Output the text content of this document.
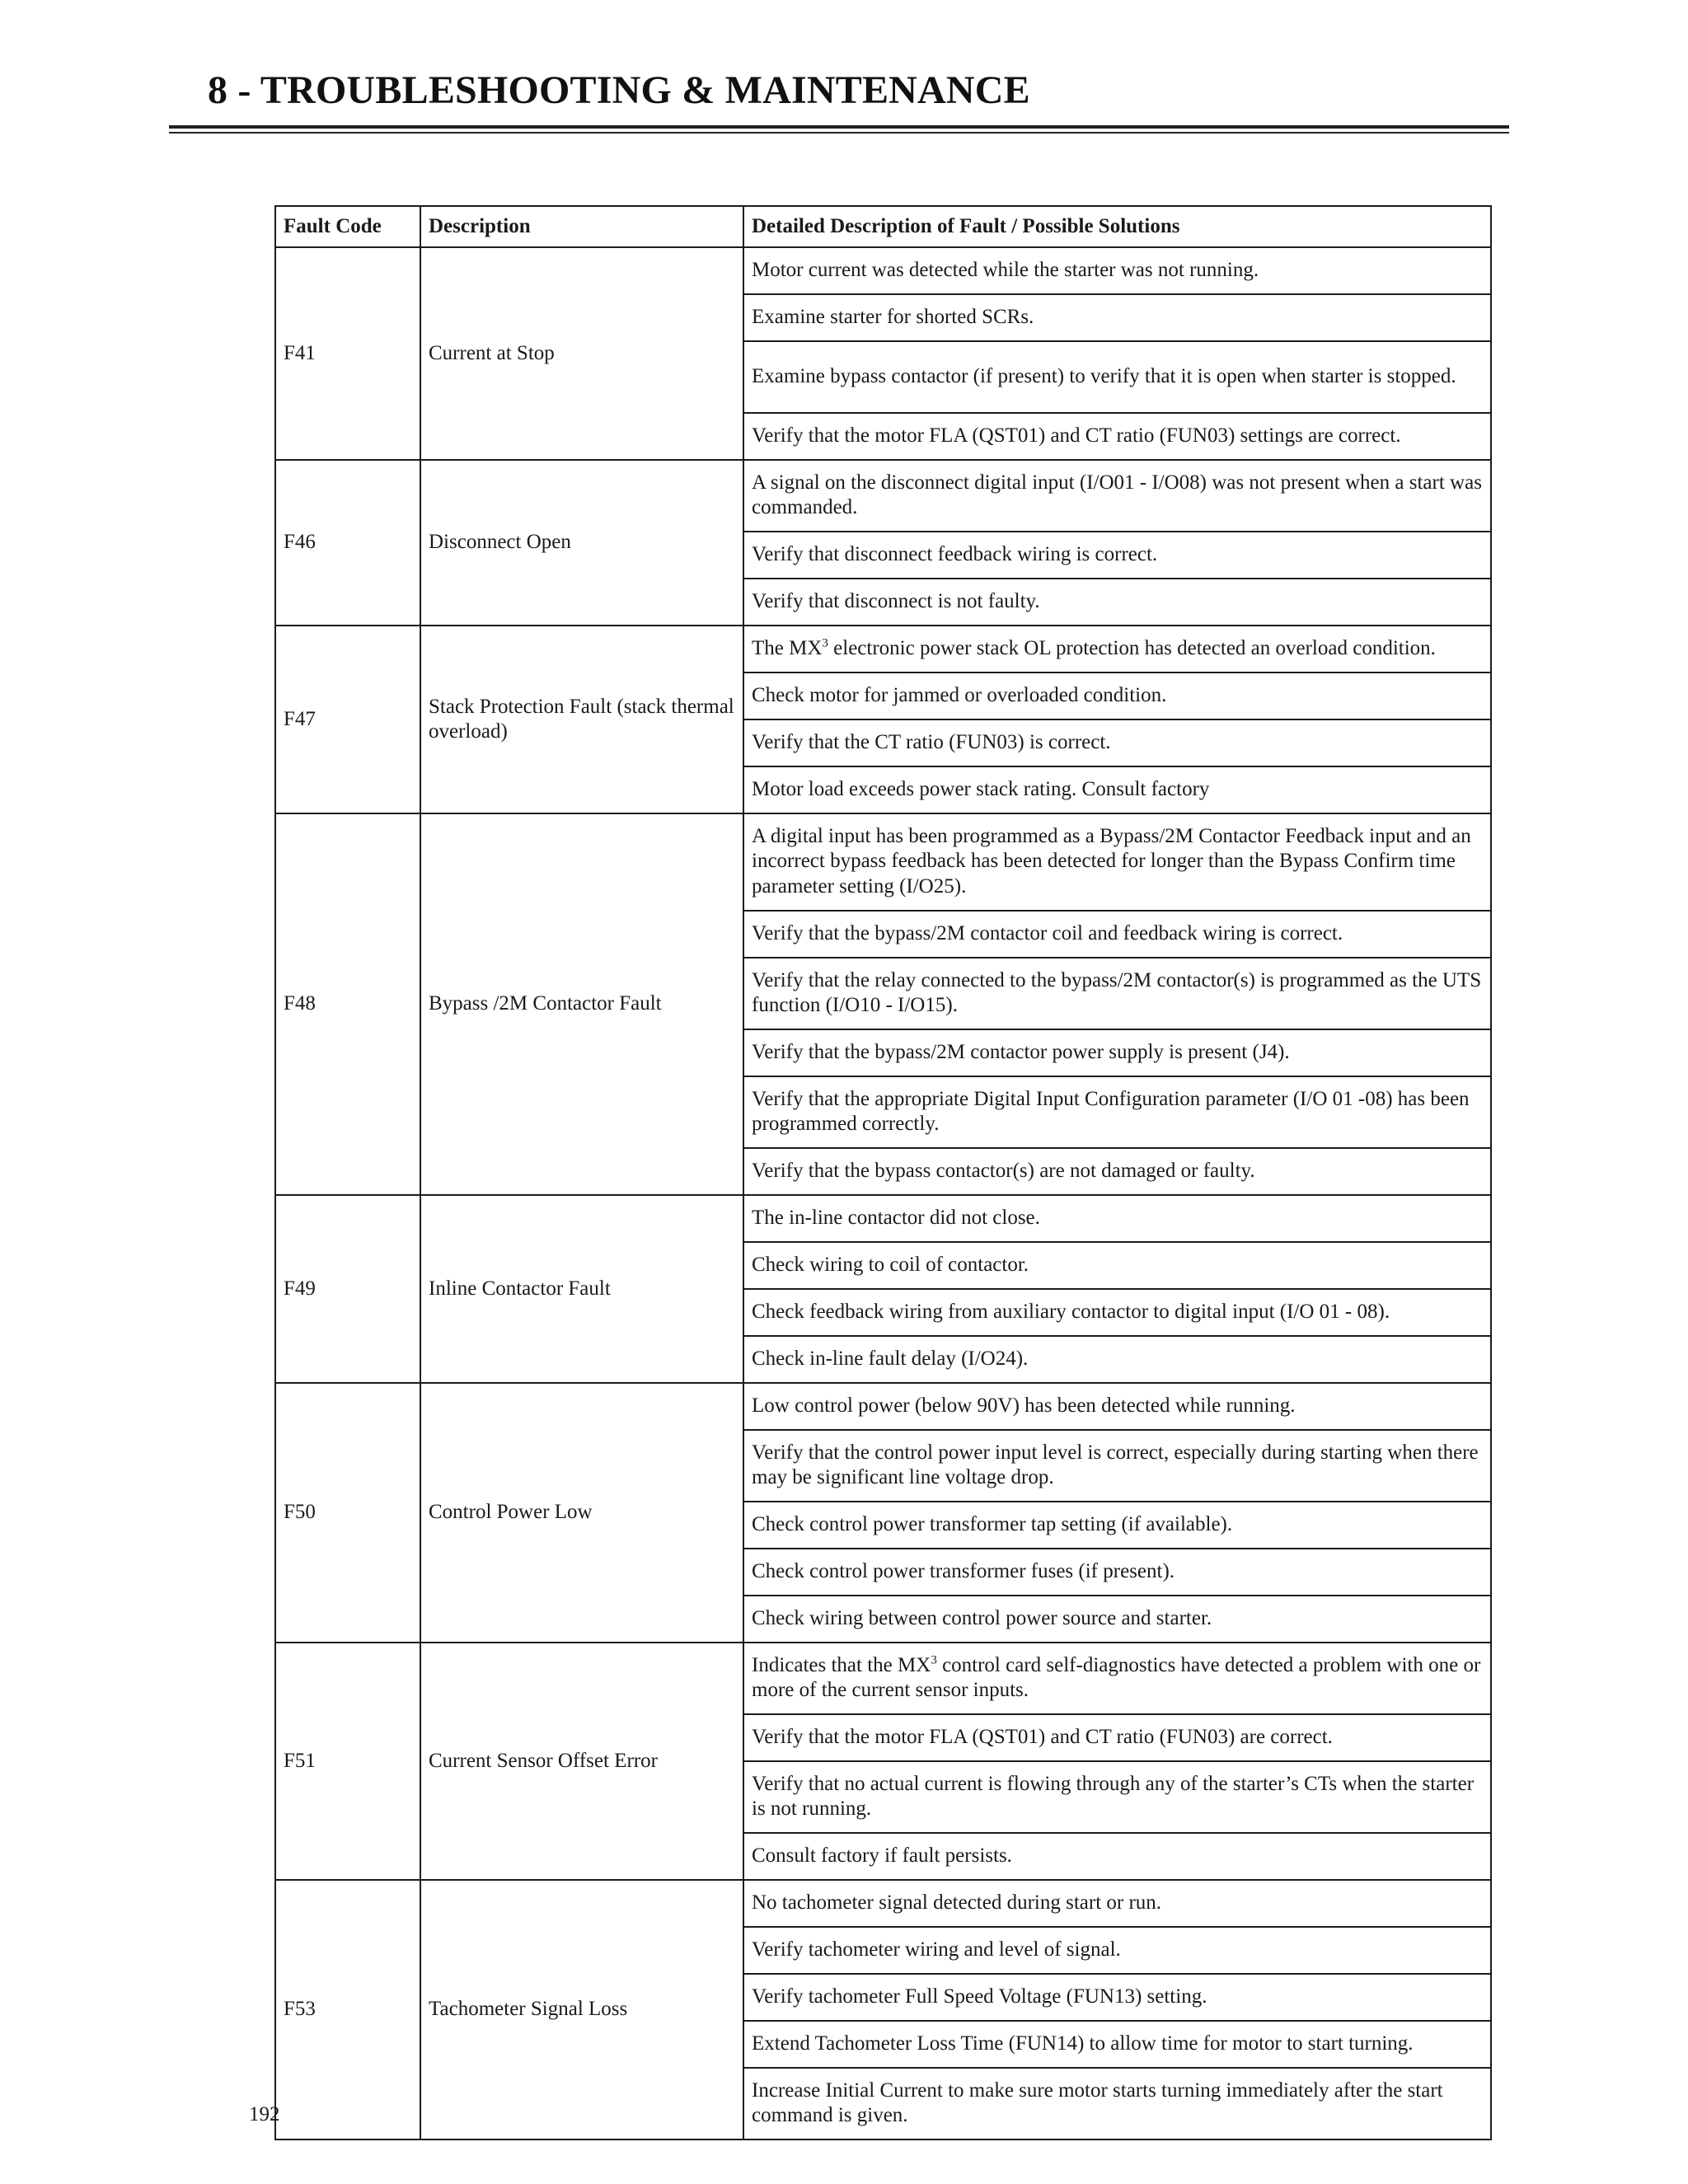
8 - TROUBLESHOOTING & MAINTENANCE
Fault Code	Description	Detailed Description of Fault / Possible Solutions
F41	Current at Stop	Motor current was detected while the starter was not running.
		Examine starter for shorted SCRs.
		Examine bypass contactor (if present) to verify that it is open when starter is stopped.
		Verify that the motor FLA (QST01) and CT ratio (FUN03) settings are correct.
F46	Disconnect Open	A signal on the disconnect digital input (I/O01 - I/O08) was not present when a start was commanded.
		Verify that disconnect feedback wiring is correct.
		Verify that disconnect is not faulty.
F47	Stack Protection Fault (stack thermal overload)	The $MX^3$ electronic power stack OL protection has detected an overload condition.
		Check motor for jammed or overloaded condition.
		Verify that the CT ratio (FUN03) is correct.
		Motor load exceeds power stack rating. Consult factory
F48	Bypass /2M Contactor Fault	A digital input has been programmed as a Bypass/2M Contactor Feedback input and an incorrect bypass feedback has been detected for longer than the Bypass Confirm time parameter setting (I/O25).
		Verify that the bypass/2M contactor coil and feedback wiring is correct.
		Verify that the relay connected to the bypass/2M contactor(s) is programmed as the UTS function (I/O10 - I/O15).
		Verify that the bypass/2M contactor power supply is present (J4).
		Verify that the appropriate Digital Input Configuration parameter (I/O 01 -08) has been programmed correctly.
		Verify that the bypass contactor(s) are not damaged or faulty.
F49	Inline Contactor Fault	The in-line contactor did not close.
		Check wiring to coil of contactor.
		Check feedback wiring from auxiliary contactor to digital input (I/O 01 - 08).
		Check in-line fault delay (I/O24).
F50	Control Power Low	Low control power (below 90V) has been detected while running.
		Verify that the control power input level is correct, especially during starting when there may be significant line voltage drop.
		Check control power transformer tap setting (if available).
		Check control power transformer fuses (if present).
		Check wiring between control power source and starter.
F51	Current Sensor Offset Error	Indicates that the $MX^3$ control card self-diagnostics have detected a problem with one or more of the current sensor inputs.
		Verify that the motor FLA (QST01) and CT ratio (FUN03) are correct.
		Verify that no actual current is flowing through any of the starter’s CTs when the starter is not running.
		Consult factory if fault persists.
F53	Tachometer Signal Loss	No tachometer signal detected during start or run.
		Verify tachometer wiring and level of signal.
		Verify tachometer Full Speed Voltage (FUN13) setting.
		Extend Tachometer Loss Time (FUN14) to allow time for motor to start turning.
		Increase Initial Current to make sure motor starts turning immediately after the start command is given.
192
